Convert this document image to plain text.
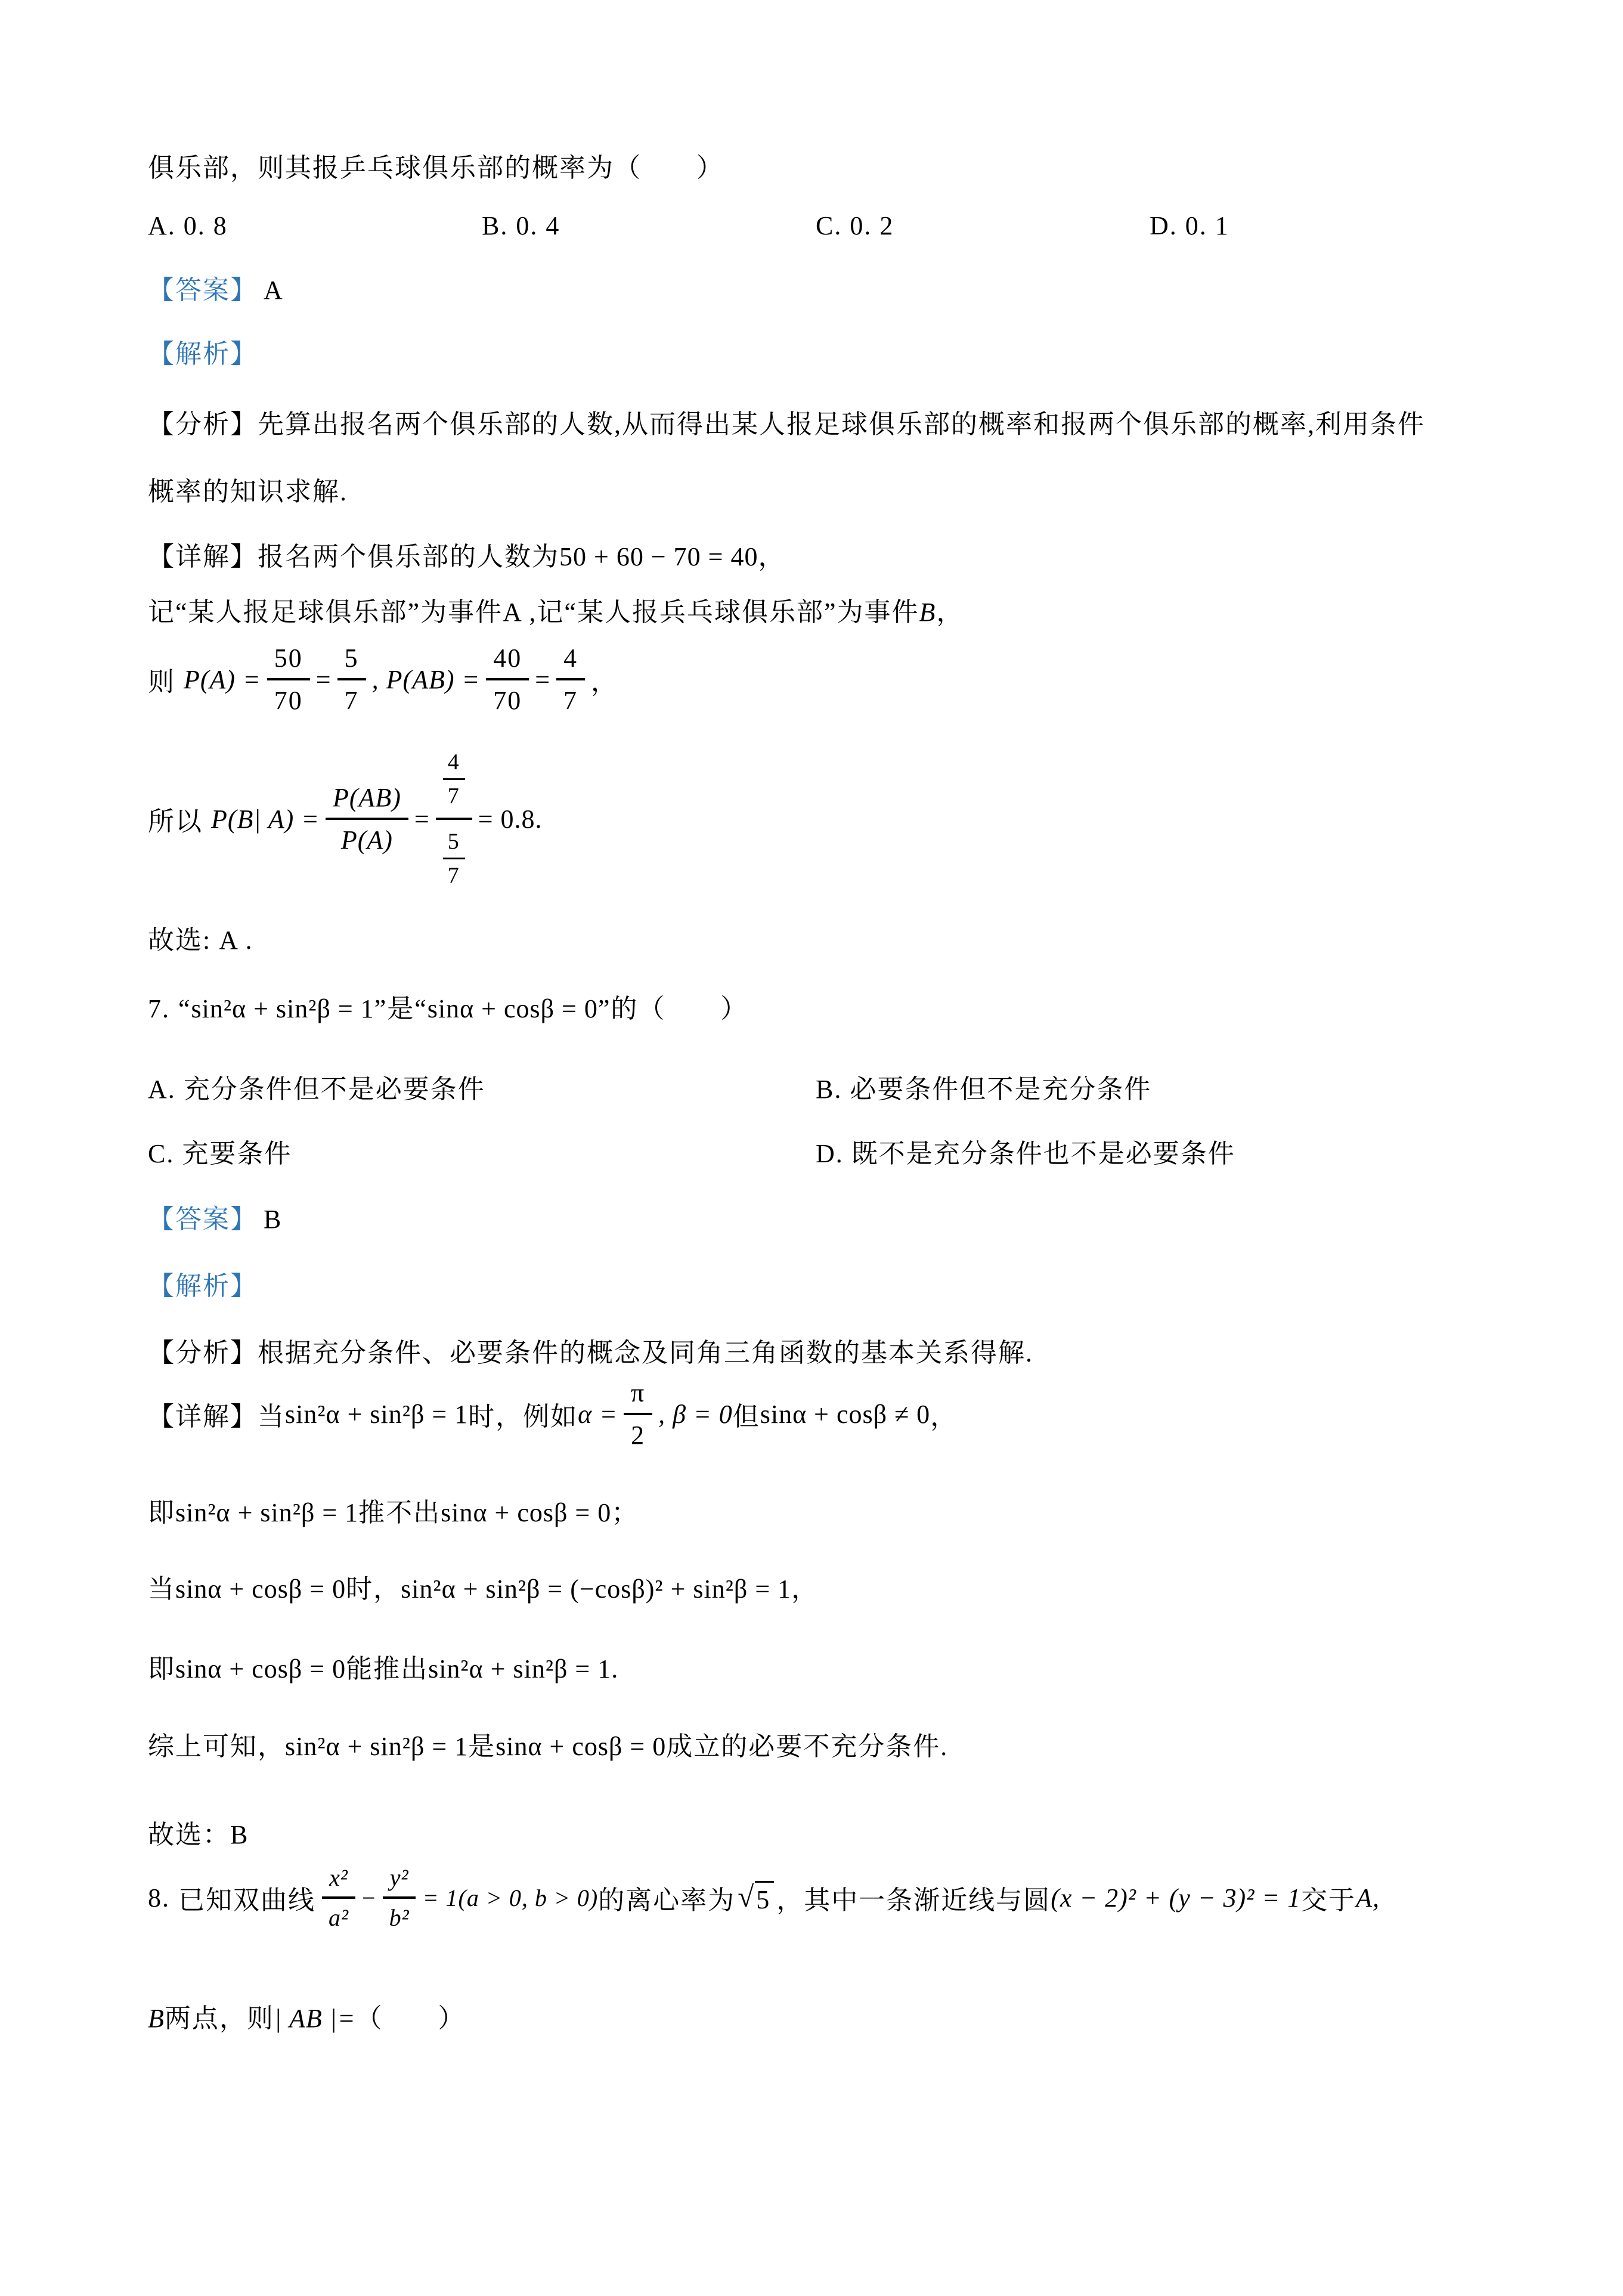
俱乐部，则其报乒乓球俱乐部的概率为（　　）
A. 0. 8	B. 0. 4	C. 0. 2	D. 0. 1
【答案】 A
【解析】
【分析】先算出报名两个俱乐部的人数,从而得出某人报足球俱乐部的概率和报两个俱乐部的概率,利用条件
概率的知识求解.
【详解】报名两个俱乐部的人数为50 + 60 − 70 = 40，
记“某人报足球俱乐部”为事件A ,记“某人报兵乓球俱乐部”为事件B，
则 $P(A) = \frac{50}{70} = \frac{5}{7}$ , $P(AB) = \frac{40}{70} = \frac{4}{7}$ ，
所以 P(B| $A) = \frac{P(AB)}{P(A)} = \frac{\frac{4}{7}}{\frac{5}{7}} = 0.8$ .
故选: A .
7. “sin²α + sin²β = 1”是“sinα + cosβ = 0”的（　　）
A. 充分条件但不是必要条件	B. 必要条件但不是充分条件
C. 充要条件	D. 既不是充分条件也不是必要条件
【答案】 B
【解析】
【分析】根据充分条件、必要条件的概念及同角三角函数的基本关系得解.
【详解】 当 sin²α + sin²β = 1 时，例如 $\alpha = \frac{\pi}{2}$ , β = 0 但 sinα + cosβ ≠ 0 ，
即sin²α + sin²β = 1推不出sinα + cosβ = 0；
当sinα + cosβ = 0时，sin²α + sin²β = (−cosβ)² + sin²β = 1，
即sinα + cosβ = 0能推出sin²α + sin²β = 1.
综上可知，sin²α + sin²β = 1是sinα + cosβ = 0成立的必要不充分条件.
故选：B
8. 已知双曲线 $\frac{\text{x²}}{\text{a²}} - \frac{\text{y²}}{\text{b²}} = 1(a > 0$, b > 0) 的离心率为 √ 5 ，其中一条渐近线与圆 (x − 2)² + (y − 3)² = 1 交于 A,
B两点，则| AB |=（　　）
